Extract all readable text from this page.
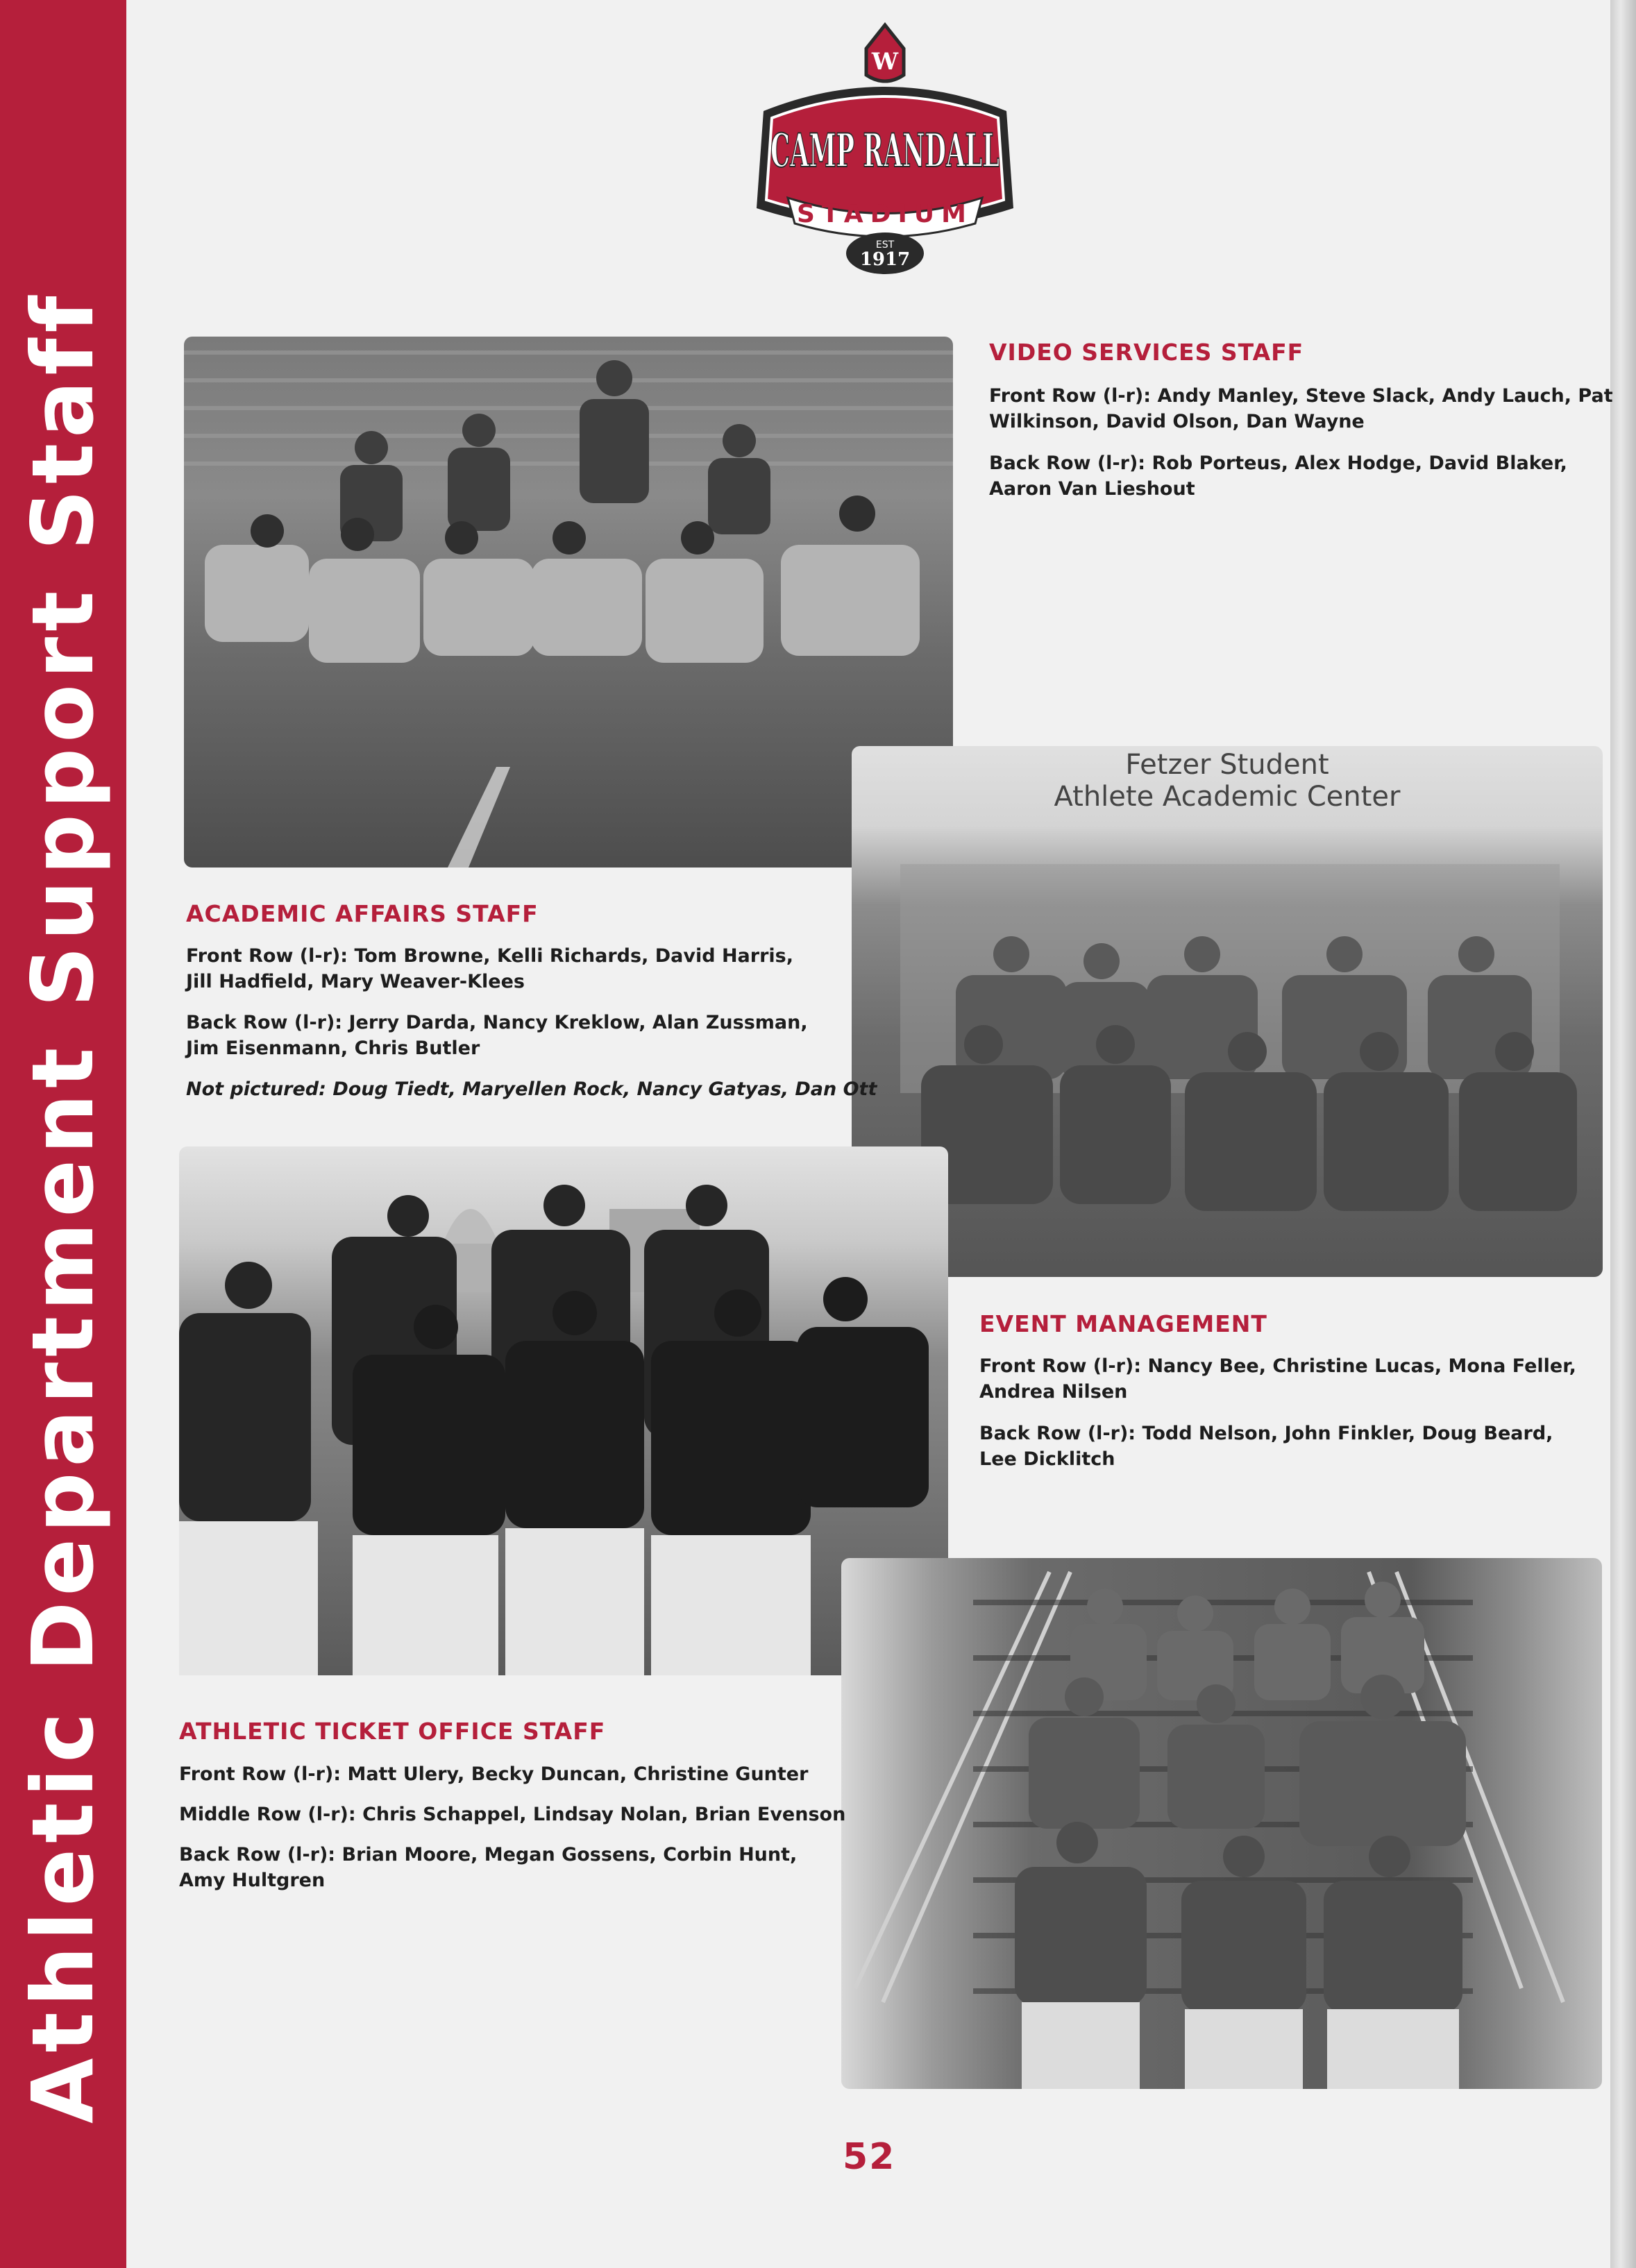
Athletic Department Support Staff
W
CAMP RANDALL
STADIUM
EST
1917
VIDEO SERVICES STAFF
Front Row (l-r): Andy Manley, Steve Slack, Andy Lauch, Pat
Wilkinson, David Olson, Dan Wayne
Back Row (l-r): Rob Porteus, Alex Hodge, David Blaker,
Aaron Van Lieshout
Fetzer Student
Athlete Academic Center
ACADEMIC AFFAIRS STAFF
Front Row (l-r): Tom Browne, Kelli Richards, David Harris,
Jill Hadfield, Mary Weaver-Klees
Back Row (l-r): Jerry Darda, Nancy Kreklow, Alan Zussman,
Jim Eisenmann, Chris Butler
Not pictured: Doug Tiedt, Maryellen Rock, Nancy Gatyas, Dan Ott
EVENT MANAGEMENT
Front Row (l-r): Nancy Bee, Christine Lucas, Mona Feller,
Andrea Nilsen
Back Row (l-r): Todd Nelson, John Finkler, Doug Beard,
Lee Dicklitch
ATHLETIC TICKET OFFICE STAFF
Front Row (l-r): Matt Ulery, Becky Duncan, Christine Gunter
Middle Row (l-r): Chris Schappel, Lindsay Nolan, Brian Evenson
Back Row (l-r): Brian Moore, Megan Gossens, Corbin Hunt,
Amy Hultgren
52
